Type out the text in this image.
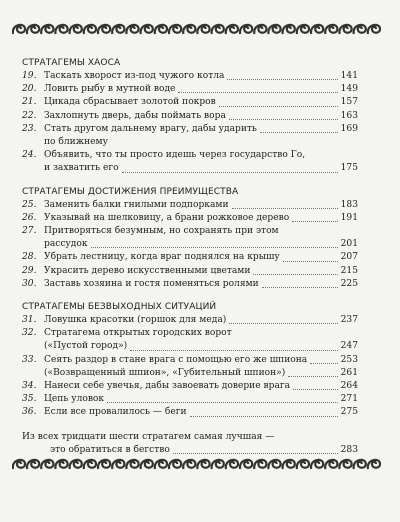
СТРАТАГЕМЫ ХАОСА
19. Таскать хворост из-под чужого котла	141
20. Ловить рыбу в мутной воде	149
21. Цикада сбрасывает золотой покров	157
22. Захлопнуть дверь, дабы поймать вора	163
23. Стать другом дальнему врагу, дабы ударить	169
по ближнему
24. Объявить, что ты просто идешь через государство Го,
и захватить его	175
СТРАТАГЕМЫ ДОСТИЖЕНИЯ ПРЕИМУЩЕСТВА
25. Заменить балки гнилыми подпорками	183
26. Указывай на шелковицу, а брани рожковое дерево	191
27. Притворяться безумным, но сохранять при этом
рассудок	201
28. Убрать лестницу, когда враг поднялся на крышу	207
29. Украсить дерево искусственными цветами	215
30. Заставь хозяина и гостя поменяться ролями	225
СТРАТАГЕМЫ БЕЗВЫХОДНЫХ СИТУАЦИЙ
31. Ловушка красотки (горшок для меда)	237
32. Стратагема открытых городских ворот
(«Пустой город»)	247
33. Сеять раздор в стане врага с помощью его же шпиона	253
(«Возвращенный шпион», «Губительный шпион»)	261
34. Нанеси себе увечья, дабы завоевать доверие врага	264
35. Цепь уловок	271
36. Если все провалилось — беги	275
Из всех тридцати шести стратагем самая лучшая —
это обратиться в бегство	283
